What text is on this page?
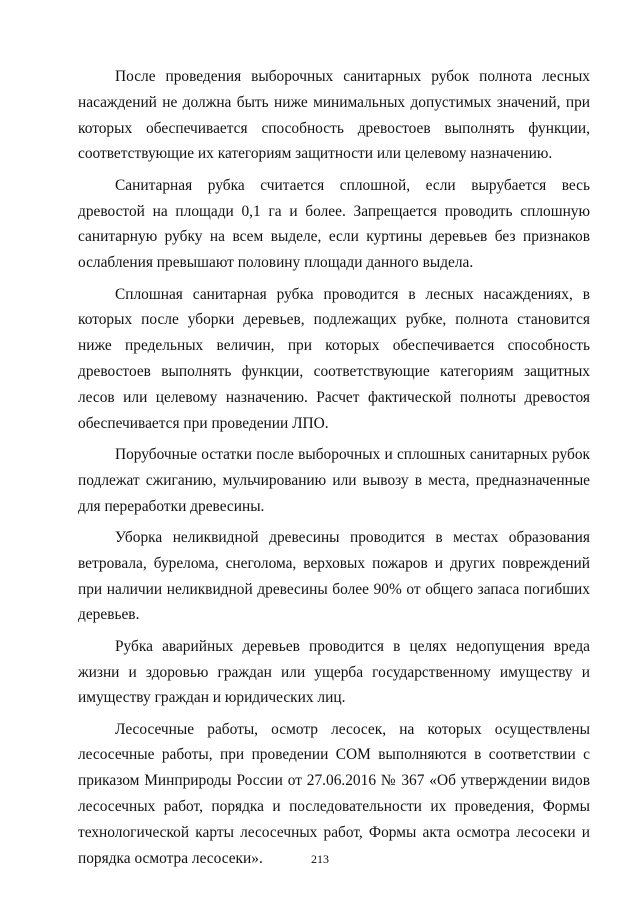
После проведения выборочных санитарных рубок полнота лесных насаждений не должна быть ниже минимальных допустимых значений, при которых обеспечивается способность древостоев выполнять функции, соответствующие их категориям защитности или целевому назначению.

Санитарная рубка считается сплошной, если вырубается весь древостой на площади 0,1 га и более. Запрещается проводить сплошную санитарную рубку на всем выделе, если куртины деревьев без признаков ослабления превышают половину площади данного выдела.

Сплошная санитарная рубка проводится в лесных насаждениях, в которых после уборки деревьев, подлежащих рубке, полнота становится ниже предельных величин, при которых обеспечивается способность древостоев выполнять функции, соответствующие категориям защитных лесов или целевому назначению. Расчет фактической полноты древостоя обеспечивается при проведении ЛПО.

Порубочные остатки после выборочных и сплошных санитарных рубок подлежат сжиганию, мульчированию или вывозу в места, предназначенные для переработки древесины.

Уборка неликвидной древесины проводится в местах образования ветровала, бурелома, снеголома, верховых пожаров и других повреждений при наличии неликвидной древесины более 90% от общего запаса погибших деревьев.

Рубка аварийных деревьев проводится в целях недопущения вреда жизни и здоровью граждан или ущерба государственному имуществу и имуществу граждан и юридических лиц.

Лесосечные работы, осмотр лесосек, на которых осуществлены лесосечные работы, при проведении СОМ выполняются в соответствии с приказом Минприроды России от 27.06.2016 № 367 «Об утверждении видов лесосечных работ, порядка и последовательности их проведения, Формы технологической карты лесосечных работ, Формы акта осмотра лесосеки и порядка осмотра лесосеки».	213
